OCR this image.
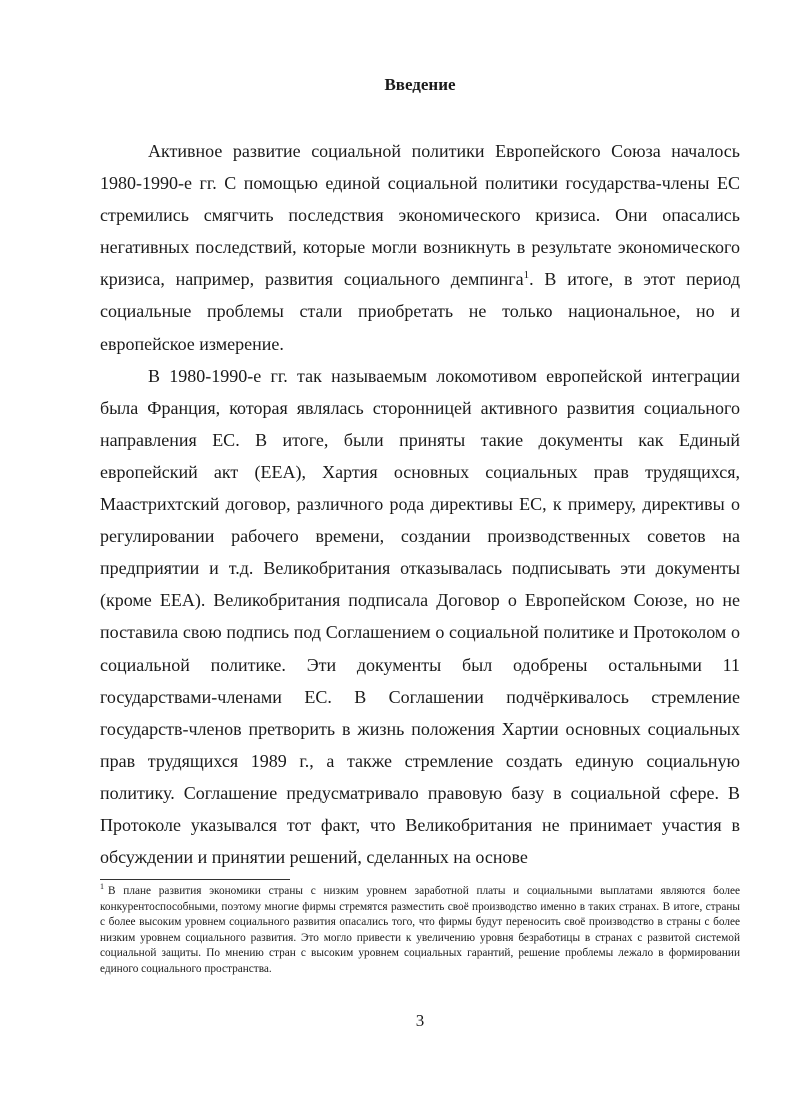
Введение

Активное развитие социальной политики Европейского Союза началось 1980-1990-е гг. С помощью единой социальной политики государства-члены ЕС стремились смягчить последствия экономического кризиса. Они опасались негативных последствий, которые могли возникнуть в результате экономического кризиса, например, развития социального демпинга$^1$. В итоге, в этот период социальные проблемы стали приобретать не только национальное, но и европейское измерение.

В 1980-1990-е гг. так называемым локомотивом европейской интеграции была Франция, которая являлась сторонницей активного развития социального направления ЕС. В итоге, были приняты такие документы как Единый европейский акт (ЕЕА), Хартия основных социальных прав трудящихся, Маастрихтский договор, различного рода директивы ЕС, к примеру, директивы о регулировании рабочего времени, создании производственных советов на предприятии и т.д. Великобритания отказывалась подписывать эти документы (кроме ЕЕА). Великобритания подписала Договор о Европейском Союзе, но не поставила свою подпись под Соглашением о социальной политике и Протоколом о социальной политике. Эти документы был одобрены остальными 11 государствами-членами ЕС. В Соглашении подчёркивалось стремление государств-членов претворить в жизнь положения Хартии основных социальных прав трудящихся 1989 г., а также стремление создать единую социальную политику. Соглашение предусматривало правовую базу в социальной сфере. В Протоколе указывался тот факт, что Великобритания не принимает участия в обсуждении и принятии решений, сделанных на основе

$^1$ В плане развития экономики страны с низким уровнем заработной платы и социальными выплатами являются более конкурентоспособными, поэтому многие фирмы стремятся разместить своё производство именно в таких странах. В итоге, страны с более высоким уровнем социального развития опасались того, что фирмы будут переносить своё производство в страны с более низким уровнем социального развития. Это могло привести к увеличению уровня безработицы в странах с развитой системой социальной защиты. По мнению стран с высоким уровнем социальных гарантий, решение проблемы лежало в формировании единого социального пространства.

3
